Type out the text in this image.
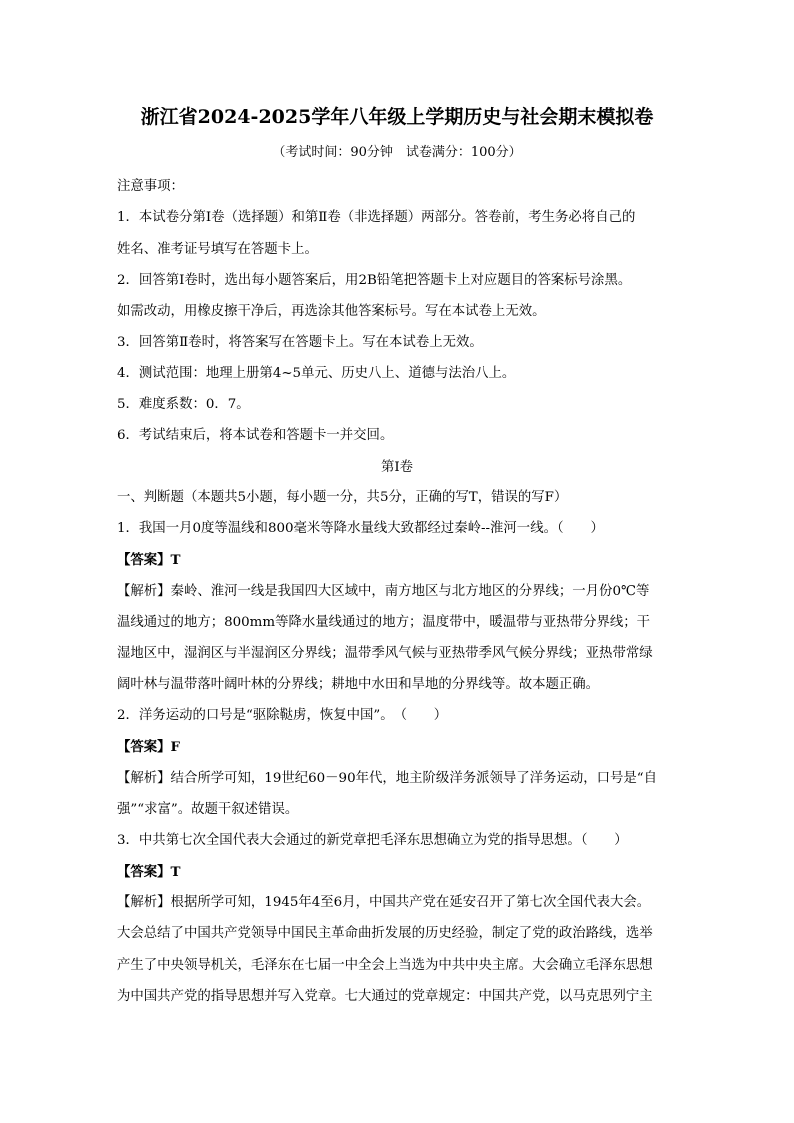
浙江省2024-2025学年八年级上学期历史与社会期末模拟卷
（考试时间：90分钟　试卷满分：100分）
注意事项：
1．本试卷分第Ⅰ卷（选择题）和第Ⅱ卷（非选择题）两部分。答卷前，考生务必将自己的
姓名、准考证号填写在答题卡上。
2．回答第Ⅰ卷时，选出每小题答案后，用2B铅笔把答题卡上对应题目的答案标号涂黑。
如需改动，用橡皮擦干净后，再选涂其他答案标号。写在本试卷上无效。
3．回答第Ⅱ卷时，将答案写在答题卡上。写在本试卷上无效。
4．测试范围：地理上册第4~5单元、历史八上、道德与法治八上。
5．难度系数：0．7。
6．考试结束后，将本试卷和答题卡一并交回。
第Ⅰ卷
一、判断题（本题共5小题，每小题一分，共5分，正确的写T，错误的写F）
1．我国一月0度等温线和800毫米等降水量线大致都经过秦岭--淮河一线。（　　）
【答案】T
【解析】秦岭、淮河一线是我国四大区域中，南方地区与北方地区的分界线；一月份0℃等
温线通过的地方；800mm等降水量线通过的地方；温度带中，暖温带与亚热带分界线；干
湿地区中，湿润区与半湿润区分界线；温带季风气候与亚热带季风气候分界线；亚热带常绿
阔叶林与温带落叶阔叶林的分界线；耕地中水田和旱地的分界线等。故本题正确。
2．洋务运动的口号是“驱除鞑虏，恢复中国”。　（　　）
【答案】F
【解析】结合所学可知，19世纪60－90年代，地主阶级洋务派领导了洋务运动，口号是“自
强”“求富”。故题干叙述错误。
3．中共第七次全国代表大会通过的新党章把毛泽东思想确立为党的指导思想。（　　）
【答案】T
【解析】根据所学可知，1945年4至6月，中国共产党在延安召开了第七次全国代表大会。
大会总结了中国共产党领导中国民主革命曲折发展的历史经验，制定了党的政治路线，选举
产生了中央领导机关，毛泽东在七届一中全会上当选为中共中央主席。大会确立毛泽东思想
为中国共产党的指导思想并写入党章。七大通过的党章规定：中国共产党，以马克思列宁主
